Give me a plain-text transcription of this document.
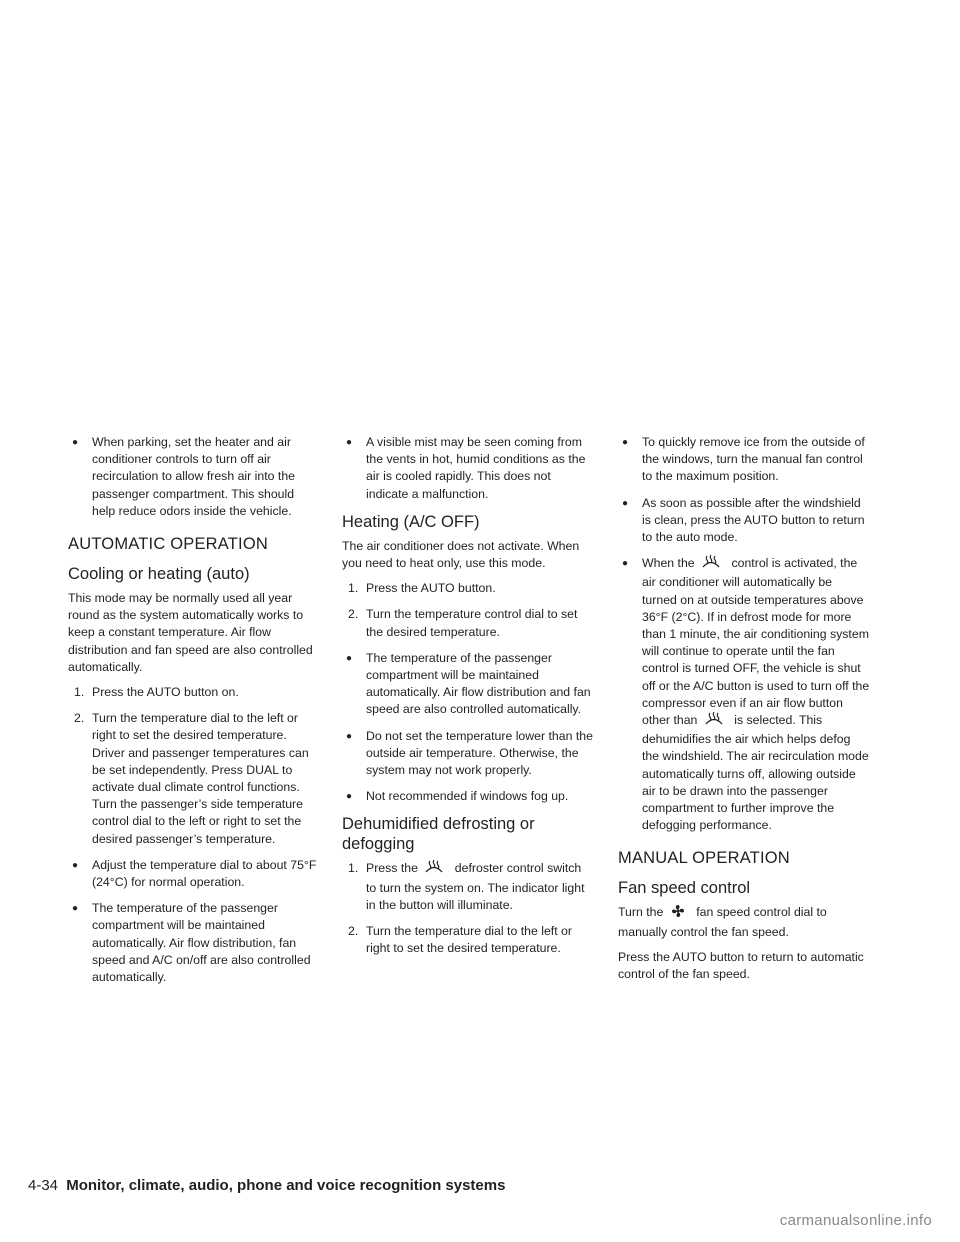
● When parking, set the heater and air conditioner controls to turn off air recirculation to allow fresh air into the passenger compartment. This should help reduce odors inside the vehicle.
AUTOMATIC OPERATION
Cooling or heating (auto)

This mode may be normally used all year round as the system automatically works to keep a constant temperature. Air flow distribution and fan speed are also controlled automatically.

1. Press the AUTO button on.
2. Turn the temperature dial to the left or right to set the desired temperature. Driver and passenger temperatures can be set independently. Press DUAL to activate dual climate control functions. Turn the passenger’s side temperature control dial to the left or right to set the desired passenger’s temperature.
● Adjust the temperature dial to about 75°F (24°C) for normal operation.
● The temperature of the passenger compartment will be maintained automatically. Air flow distribution, fan speed and A/C on/off are also controlled automatically.
● A visible mist may be seen coming from the vents in hot, humid conditions as the air is cooled rapidly. This does not indicate a malfunction.
Heating (A/C OFF)

The air conditioner does not activate. When you need to heat only, use this mode.

1. Press the AUTO button.
2. Turn the temperature control dial to set the desired temperature.
● The temperature of the passenger compartment will be maintained automatically. Air flow distribution and fan speed are also controlled automatically.
● Do not set the temperature lower than the outside air temperature. Otherwise, the system may not work properly.
● Not recommended if windows fog up.
Dehumidified defrosting or defogging
1. Press the	defroster control switch to turn the system on. The indicator light in the button will illuminate.
2. Turn the temperature dial to the left or right to set the desired temperature.
● To quickly remove ice from the outside of the windows, turn the manual fan control to the maximum position.
● As soon as possible after the windshield is clean, press the AUTO button to return to the auto mode.
● When the	control is activated, the air conditioner will automatically be turned on at outside temperatures above 36°F (2°C). If in defrost mode for more than 1 minute, the air conditioning system will continue to operate until the fan control is turned OFF, the vehicle is shut off or the A/C button is used to turn off the compressor even if an air flow button other than	is selected. This dehumidifies the air which helps defog the windshield. The air recirculation mode automatically turns off, allowing outside air to be drawn into the passenger compartment to further improve the defogging performance.
MANUAL OPERATION
Fan speed control

Turn the	fan speed control dial to manually control the fan speed.

Press the AUTO button to return to automatic control of the fan speed.

4-34 Monitor, climate, audio, phone and voice recognition systems
carmanualsonline.info
